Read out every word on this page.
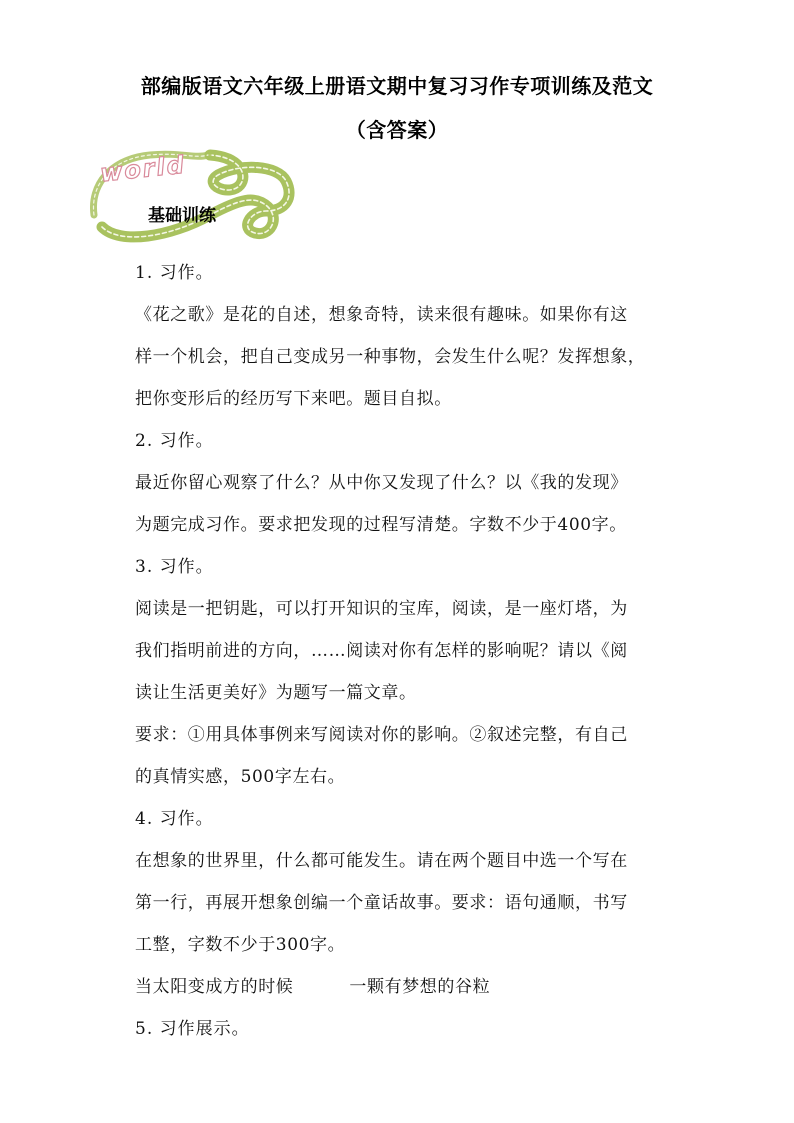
部编版语文六年级上册语文期中复习习作专项训练及范文
（含答案）
world
基础训练
1. 习作。
《花之歌》是花的自述，想象奇特，读来很有趣味。如果你有这
样一个机会，把自己变成另一种事物，会发生什么呢？发挥想象，
把你变形后的经历写下来吧。题目自拟。
2. 习作。
最近你留心观察了什么？从中你又发现了什么？以《我的发现》
为题完成习作。要求把发现的过程写清楚。字数不少于400字。
3. 习作。
阅读是一把钥匙，可以打开知识的宝库，阅读，是一座灯塔，为
我们指明前进的方向，……阅读对你有怎样的影响呢？请以《阅
读让生活更美好》为题写一篇文章。
要求：①用具体事例来写阅读对你的影响。②叙述完整，有自己
的真情实感，500字左右。
4. 习作。
在想象的世界里，什么都可能发生。请在两个题目中选一个写在
第一行，再展开想象创编一个童话故事。要求：语句通顺，书写
工整，字数不少于300字。
当太阳变成方的时候	一颗有梦想的谷粒
5. 习作展示。
